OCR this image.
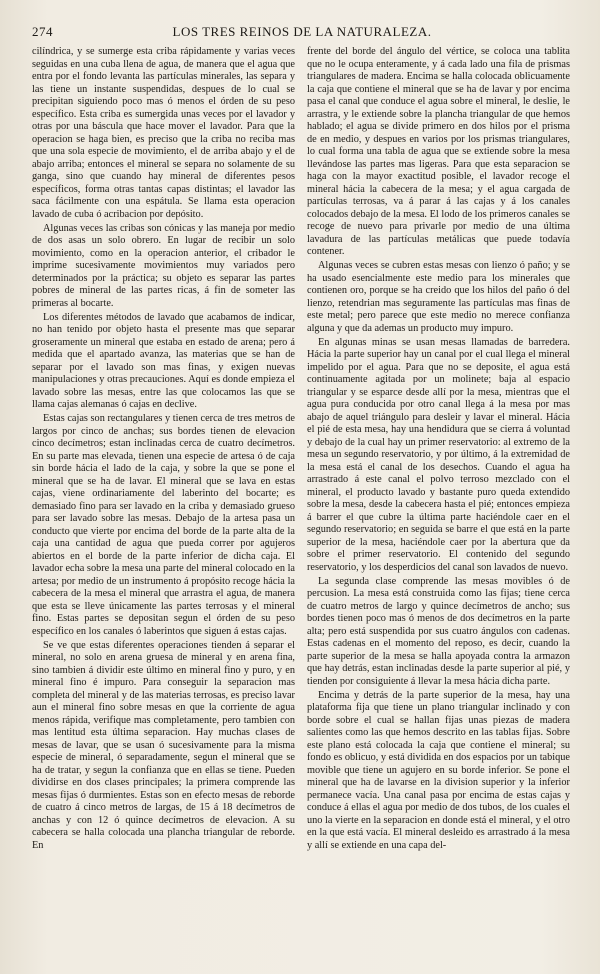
274	LOS TRES REINOS DE LA NATURALEZA.

cilíndrica, y se sumerge esta criba rápidamente y varias veces seguidas en una cuba llena de agua, de manera que el agua que entra por el fondo levanta las partículas minerales, las separa y las tiene un instante suspendidas, despues de lo cual se precipitan siguiendo poco mas ó menos el órden de su peso específico. Esta criba es sumergida unas veces por el lavador y otras por una báscula que hace mover el lavador. Para que la operacion se haga bien, es preciso que la criba no reciba mas que una sola especie de movimiento, el de arriba abajo y el de abajo arriba; entonces el mineral se separa no solamente de su ganga, sino que cuando hay mineral de diferentes pesos específicos, forma otras tantas capas distintas; el lavador las saca fácilmente con una espátula. Se llama esta operacion lavado de cuba ó acribacion por depósito.

Algunas veces las cribas son cónicas y las maneja por medio de dos asas un solo obrero. En lugar de recibir un solo movimiento, como en la operacion anterior, el cribador le imprime sucesivamente movimientos muy variados pero determinados por la práctica; su objeto es separar las partes pobres de mineral de las partes ricas, á fin de someter las primeras al bocarte.

Los diferentes métodos de lavado que acabamos de indicar, no han tenido por objeto hasta el presente mas que separar groseramente un mineral que estaba en estado de arena; pero á medida que el apartado avanza, las materias que se han de separar por el lavado son mas finas, y exigen nuevas manipulaciones y otras precauciones. Aquí es donde empieza el lavado sobre las mesas, entre las que colocamos las que se llama cajas alemanas ó cajas en declive.

Estas cajas son rectangulares y tienen cerca de tres metros de largos por cinco de anchas; sus bordes tienen de elevacion cinco decímetros; estan inclinadas cerca de cuatro decímetros. En su parte mas elevada, tienen una especie de artesa ó de caja sin borde hácia el lado de la caja, y sobre la que se pone el mineral que se ha de lavar. El mineral que se lava en estas cajas, viene ordinariamente del laberinto del bocarte; es demasiado fino para ser lavado en la criba y demasiado grueso para ser lavado sobre las mesas. Debajo de la artesa pasa un conducto que vierte por encima del borde de la parte alta de la caja una cantidad de agua que pueda correr por agujeros abiertos en el borde de la parte inferior de dicha caja. El lavador echa sobre la mesa una parte del mineral colocado en la artesa; por medio de un instrumento á propósito recoge hácia la cabecera de la mesa el mineral que arrastra el agua, de manera que esta se lleve únicamente las partes terrosas y el mineral fino. Estas partes se depositan segun el órden de su peso específico en los canales ó laberintos que siguen á estas cajas.

Se ve que estas diferentes operaciones tienden á separar el mineral, no solo en arena gruesa de mineral y en arena fina, sino tambien á dividir este último en mineral fino y puro, y en mineral fino é impuro. Para conseguir la separacion mas completa del mineral y de las materias terrosas, es preciso lavar aun el mineral fino sobre mesas en que la corriente de agua menos rápida, verifique mas completamente, pero tambien con mas lentitud esta última separacion. Hay muchas clases de mesas de lavar, que se usan ó sucesivamente para la misma especie de mineral, ó separadamente, segun el mineral que se ha de tratar, y segun la confianza que en ellas se tiene. Pueden dividirse en dos clases principales; la primera comprende las mesas fijas ó durmientes. Estas son en efecto mesas de reborde de cuatro á cinco metros de largas, de 15 á 18 decímetros de anchas y con 12 ó quince decímetros de elevacion. A su cabecera se halla colocada una plancha triangular de reborde. En

frente del borde del ángulo del vértice, se coloca una tablita que no le ocupa enteramente, y á cada lado una fila de prismas triangulares de madera. Encima se halla colocada oblicuamente la caja que contiene el mineral que se ha de lavar y por encima pasa el canal que conduce el agua sobre el mineral, le deslie, le arrastra, y le extiende sobre la plancha triangular de que hemos hablado; el agua se divide primero en dos hilos por el prisma de en medio, y despues en varios por los prismas triangulares, lo cual forma una tabla de agua que se extiende sobre la mesa llevándose las partes mas ligeras. Para que esta separacion se haga con la mayor exactitud posible, el lavador recoge el mineral hácia la cabecera de la mesa; y el agua cargada de partículas terrosas, va á parar á las cajas y á los canales colocados debajo de la mesa. El lodo de los primeros canales se recoge de nuevo para privarle por medio de una última lavadura de las partículas metálicas que puede todavía contener.

Algunas veces se cubren estas mesas con lienzo ó paño; y se ha usado esencialmente este medio para los minerales que contienen oro, porque se ha creido que los hilos del paño ó del lienzo, retendrian mas seguramente las partículas mas finas de este metal; pero parece que este medio no merece confianza alguna y que da ademas un producto muy impuro.

En algunas minas se usan mesas llamadas de barredera. Hácia la parte superior hay un canal por el cual llega el mineral impelido por el agua. Para que no se deposite, el agua está continuamente agitada por un molinete; baja al espacio triangular y se esparce desde allí por la mesa, mientras que el agua pura conducida por otro canal llega á la mesa por mas abajo de aquel triángulo para desleir y lavar el mineral. Hácia el pié de esta mesa, hay una hendidura que se cierra á voluntad y debajo de la cual hay un primer reservatorio: al extremo de la mesa un segundo reservatorio, y por último, á la extremidad de la mesa está el canal de los desechos. Cuando el agua ha arrastrado á este canal el polvo terroso mezclado con el mineral, el producto lavado y bastante puro queda extendido sobre la mesa, desde la cabecera hasta el pié; entonces empieza á barrer el que cubre la última parte haciéndole caer en el segundo reservatorio; en seguida se barre el que está en la parte superior de la mesa, haciéndole caer por la abertura que da sobre el primer reservatorio. El contenido del segundo reservatorio, y los desperdicios del canal son lavados de nuevo.

La segunda clase comprende las mesas movibles ó de percusion. La mesa está construida como las fijas; tiene cerca de cuatro metros de largo y quince decímetros de ancho; sus bordes tienen poco mas ó menos de dos decímetros en la parte alta; pero está suspendida por sus cuatro ángulos con cadenas. Estas cadenas en el momento del reposo, es decir, cuando la parte superior de la mesa se halla apoyada contra la armazon que hay detrás, estan inclinadas desde la parte superior al pié, y tienden por consiguiente á llevar la mesa hácia dicha parte.

Encima y detrás de la parte superior de la mesa, hay una plataforma fija que tiene un plano triangular inclinado y con borde sobre el cual se hallan fijas unas piezas de madera salientes como las que hemos descrito en las tablas fijas. Sobre este plano está colocada la caja que contiene el mineral; su fondo es oblicuo, y está dividida en dos espacios por un tabique movible que tiene un agujero en su borde inferior. Se pone el mineral que ha de lavarse en la division superior y la inferior permanece vacía. Una canal pasa por encima de estas cajas y conduce á ellas el agua por medio de dos tubos, de los cuales el uno la vierte en la separacion en donde está el mineral, y el otro en la que está vacía. El mineral desleido es arrastrado á la mesa y allí se extiende en una capa del-
